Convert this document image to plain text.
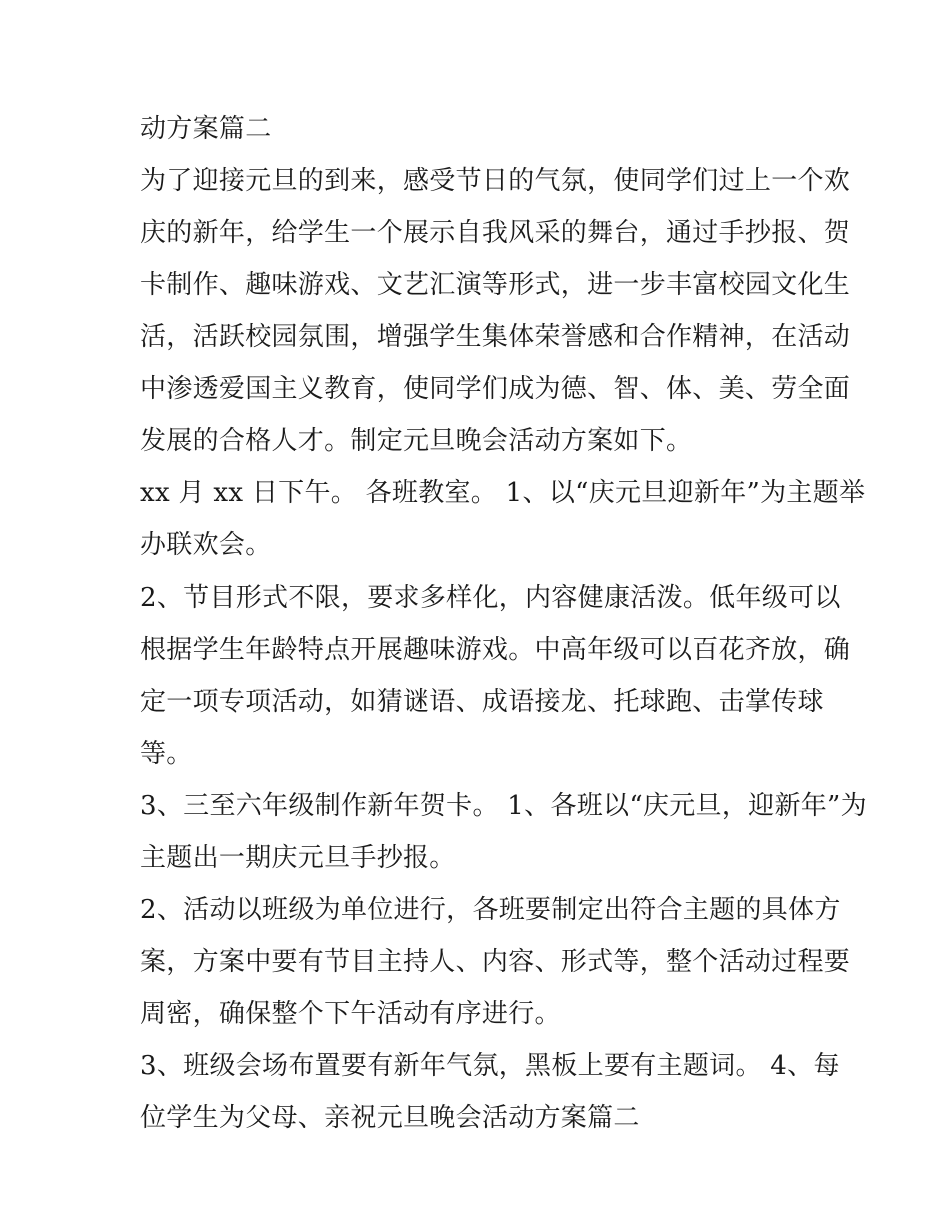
动方案篇二
为了迎接元旦的到来，感受节日的气氛，使同学们过上一个欢
庆的新年，给学生一个展示自我风采的舞台，通过手抄报、贺
卡制作、趣味游戏、文艺汇演等形式，进一步丰富校园文化生
活，活跃校园氛围，增强学生集体荣誉感和合作精神，在活动
中渗透爱国主义教育，使同学们成为德、智、体、美、劳全面
发展的合格人才。制定元旦晚会活动方案如下。
xx 月 xx 日下午。 各班教室。 1、以“庆元旦迎新年”为主题举
办联欢会。
2、节目形式不限，要求多样化，内容健康活泼。低年级可以
根据学生年龄特点开展趣味游戏。中高年级可以百花齐放，确
定一项专项活动，如猜谜语、成语接龙、托球跑、击掌传球
等。
3、三至六年级制作新年贺卡。 1、各班以“庆元旦，迎新年”为
主题出一期庆元旦手抄报。
2、活动以班级为单位进行，各班要制定出符合主题的具体方
案，方案中要有节目主持人、内容、形式等，整个活动过程要
周密，确保整个下午活动有序进行。
3、班级会场布置要有新年气氛，黑板上要有主题词。 4、每
位学生为父母、亲祝元旦晚会活动方案篇二
